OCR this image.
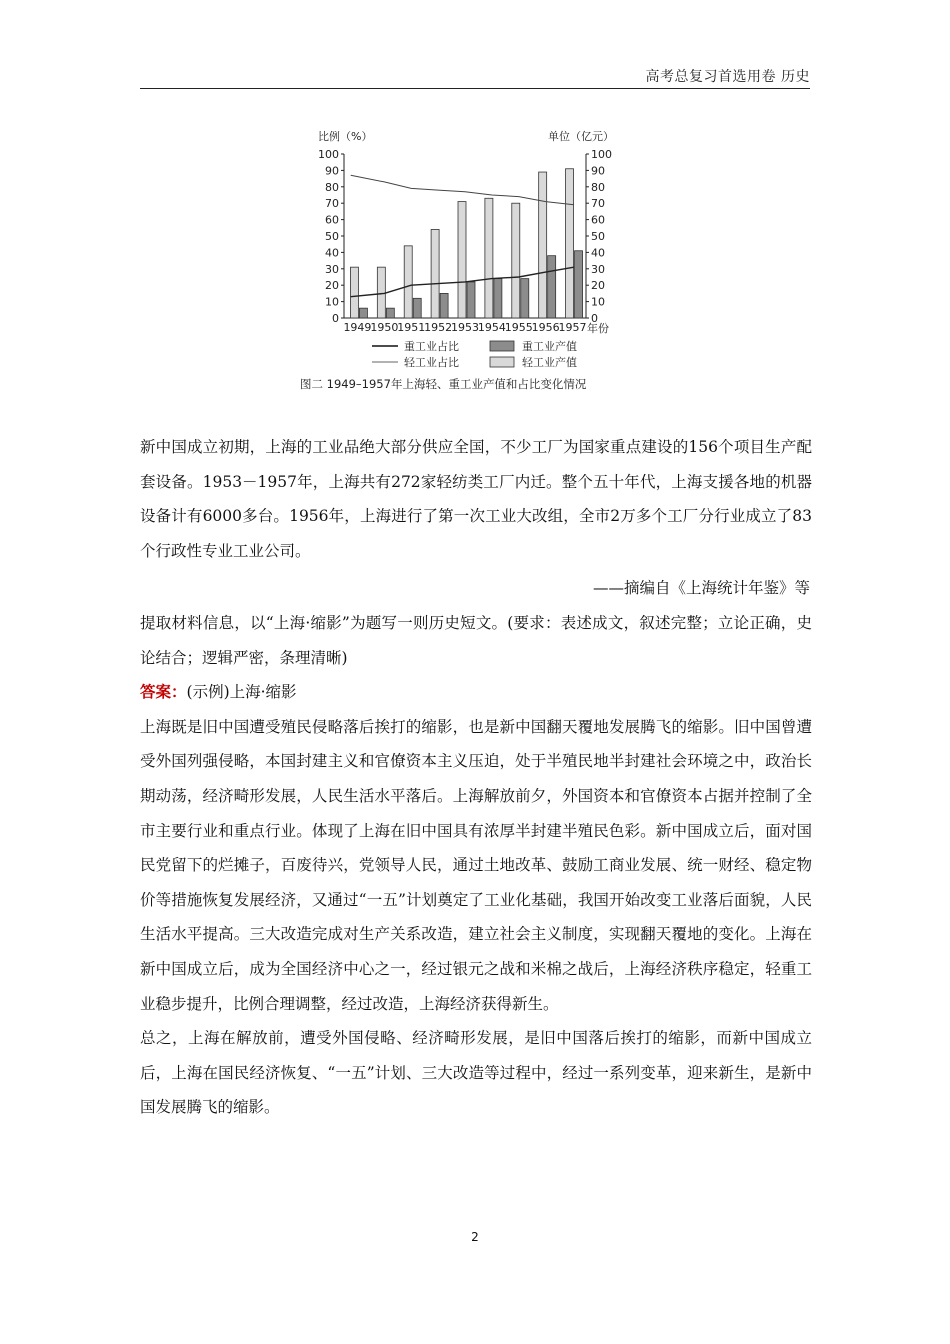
高考总复习首选用卷 历史
比例（%）	单位（亿元）
年份
0	0
10	10
20	20
30	30
40	40
50	50
60	60
70	70
80	80
90	90
100	100
1949
1950
1951
1952
1953
1954
1955
1956
1957
重工业占比	重工业产值
轻工业占比	轻工业产值
图二 1949–1957年上海轻、重工业产值和占比变化情况

新中国成立初期，上海的工业品绝大部分供应全国，不少工厂为国家重点建设的156个项目生产配套设备。1953－1957年，上海共有272家轻纺类工厂内迁。整个五十年代，上海支援各地的机器设备计有6000多台。1956年，上海进行了第一次工业大改组，全市2万多个工厂分行业成立了83个行政性专业工业公司。

——摘编自《上海统计年鉴》等

提取材料信息，以“上海·缩影”为题写一则历史短文。(要求：表述成文，叙述完整；立论正确，史论结合；逻辑严密，条理清晰)

答案：(示例)上海·缩影

上海既是旧中国遭受殖民侵略落后挨打的缩影，也是新中国翻天覆地发展腾飞的缩影。旧中国曾遭受外国列强侵略，本国封建主义和官僚资本主义压迫，处于半殖民地半封建社会环境之中，政治长期动荡，经济畸形发展，人民生活水平落后。上海解放前夕，外国资本和官僚资本占据并控制了全市主要行业和重点行业。体现了上海在旧中国具有浓厚半封建半殖民色彩。新中国成立后，面对国民党留下的烂摊子，百废待兴，党领导人民，通过土地改革、鼓励工商业发展、统一财经、稳定物价等措施恢复发展经济，又通过“一五”计划奠定了工业化基础，我国开始改变工业落后面貌，人民生活水平提高。三大改造完成对生产关系改造，建立社会主义制度，实现翻天覆地的变化。上海在新中国成立后，成为全国经济中心之一，经过银元之战和米棉之战后，上海经济秩序稳定，轻重工业稳步提升，比例合理调整，经过改造，上海经济获得新生。

总之，上海在解放前，遭受外国侵略、经济畸形发展，是旧中国落后挨打的缩影，而新中国成立后，上海在国民经济恢复、“一五”计划、三大改造等过程中，经过一系列变革，迎来新生，是新中国发展腾飞的缩影。

2
